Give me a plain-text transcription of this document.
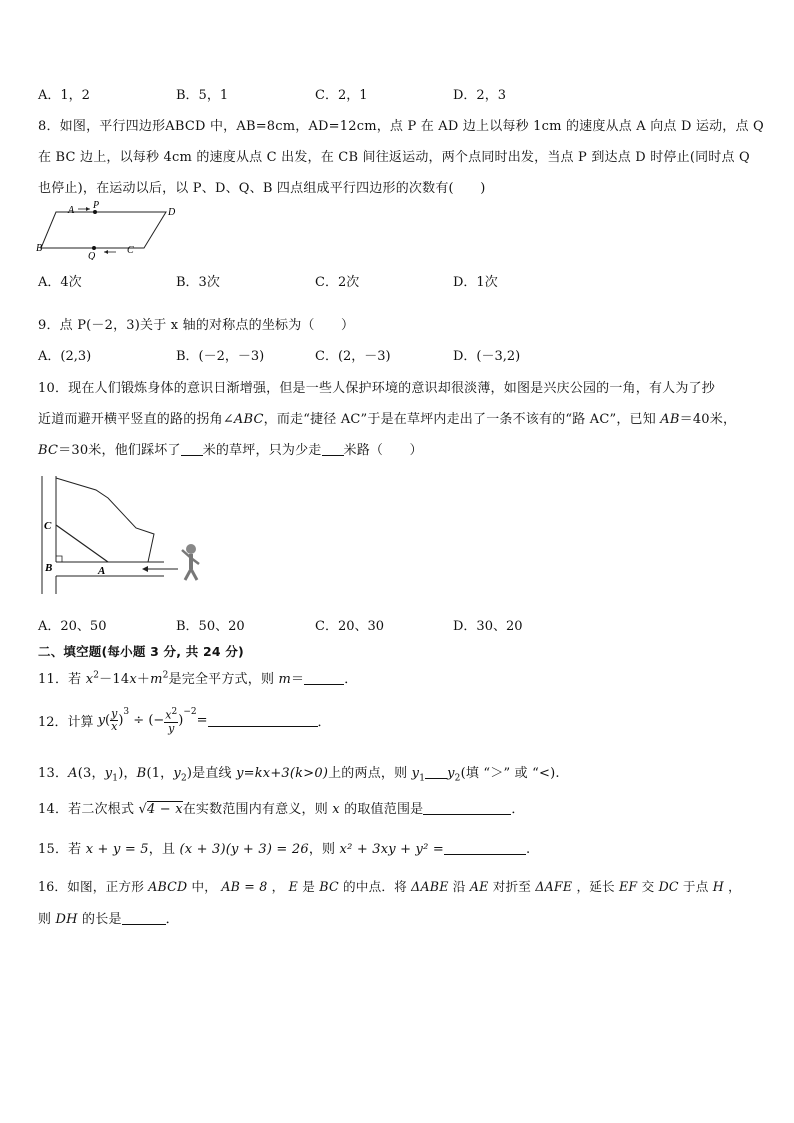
A．1，2	B．5，1	C．2，1	D．2，3
8．如图，平行四边形ABCD 中，AB=8cm，AD=12cm，点 P 在 AD 边上以每秒 1cm 的速度从点 A 向点 D 运动，点 Q
在 BC 边上，以每秒 4cm 的速度从点 C 出发，在 CB 间往返运动，两个点同时出发，当点 P 到达点 D 时停止(同时点 Q
也停止)，在运动以后，以 P、D、Q、B 四点组成平行四边形的次数有(　　)
A P
D
B
Q
C
A．4次	B．3次	C．2次	D．1次
9．点 P(－2，3)关于 x 轴的对称点的坐标为（　　）
A．(2,3)	B．(－2，－3)	C．(2，－3)	D．(－3,2)
10．现在人们锻炼身体的意识日渐增强，但是一些人保护环境的意识却很淡薄，如图是兴庆公园的一角，有人为了抄
近道而避开横平竖直的路的拐角∠ABC，而走“捷径 AC”于是在草坪内走出了一条不该有的“路 AC”，已知 AB＝40米，
BC＝30米，他们踩坏了 米的草坪，只为少走 米路（　　）
C
B	A
A．20、50	B．50、20	C．20、30	D．30、20
二、填空题(每小题 3 分, 共 24 分)
11．若 $x^2-14x+m^2$是完全平方式，则 m＝	．
12．计算 $y( \frac{y}{x} )^3$ ÷ (− $\frac{x^2}{y} )^{-2}=$	．
13．A(3，$y_1$)，B(1，$y_2$)是直线 y=kx+3(k>0)上的两点，则 $y_1$ $y_2$(填 “＞” 或 “<).
14．若二次根式 √4 − x在实数范围内有意义，则 x 的取值范围是	．
15．若 x + y = 5，且 (x + 3)(y + 3) = 26，则 x² + 3xy + y² =	.
16．如图，正方形 ABCD 中， AB = 8 ， E 是 BC 的中点．将 ΔABE 沿 AE 对折至 ΔAFE ，延长 EF 交 DC 于点 H ，
则 DH 的长是	．
